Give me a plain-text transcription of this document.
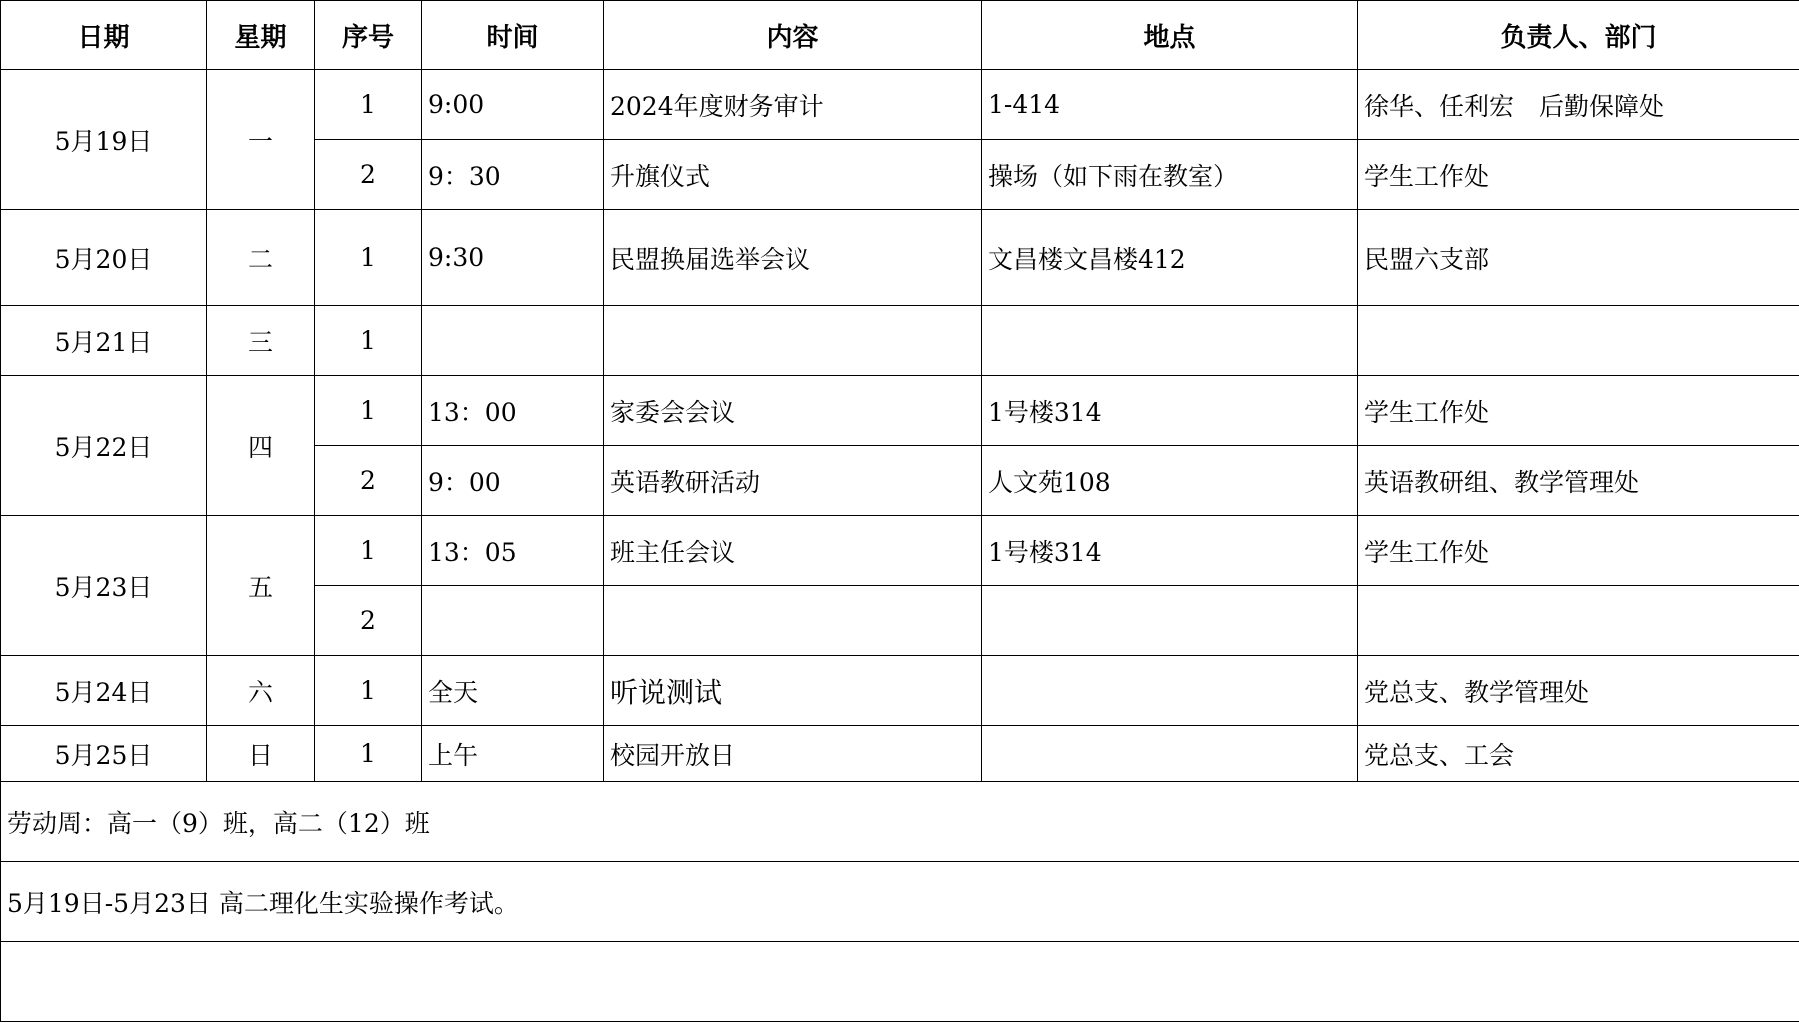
日期	星期	序号	时间	内容	地点	负责人、部门
5月19日	一	1	9:00	2024年度财务审计	1-414	徐华、任利宏　后勤保障处
		2	9：30	升旗仪式	操场（如下雨在教室）	学生工作处
5月20日	二	1	9:30	民盟换届选举会议	文昌楼文昌楼412	民盟六支部
5月21日	三	1				
5月22日	四	1	13：00	家委会会议	1号楼314	学生工作处
		2	9：00	英语教研活动	人文苑108	英语教研组、教学管理处
5月23日	五	1	13：05	班主任会议	1号楼314	学生工作处
		2				
5月24日	六	1	全天	听说测试		党总支、教学管理处
5月25日	日	1	上午	校园开放日		党总支、工会
劳动周：高一（9）班，高二（12）班						
5月19日-5月23日 高二理化生实验操作考试。						
